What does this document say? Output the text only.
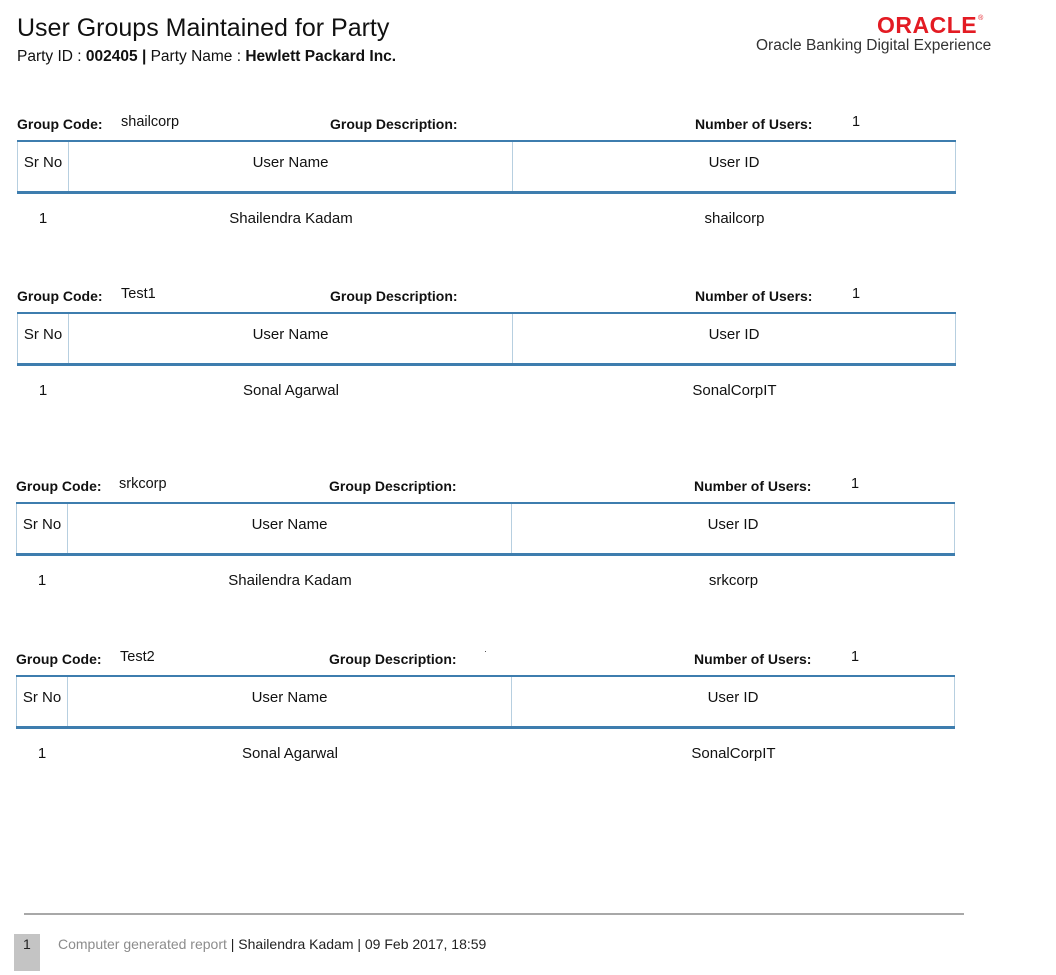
User Groups Maintained for Party
Party ID : 002405 | Party Name : Hewlett Packard Inc.
ORACLE®
Oracle Banking Digital Experience
Group Code: shailcorp	Group Description:	Number of Users:	1
Sr No	User Name	User ID
1	Shailendra Kadam	shailcorp
Group Code: Test1	Group Description:	Number of Users:	1
Sr No	User Name	User ID
1	Sonal Agarwal	SonalCorpIT
Group Code: srkcorp	Group Description:	Number of Users:	1
Sr No	User Name	User ID
1	Shailendra Kadam	srkcorp
Group Code: Test2	Group Description:	Number of Users:	1
Sr No	User Name	User ID
1	Sonal Agarwal	SonalCorpIT
1	Computer generated report | Shailendra Kadam | 09 Feb 2017, 18:59
